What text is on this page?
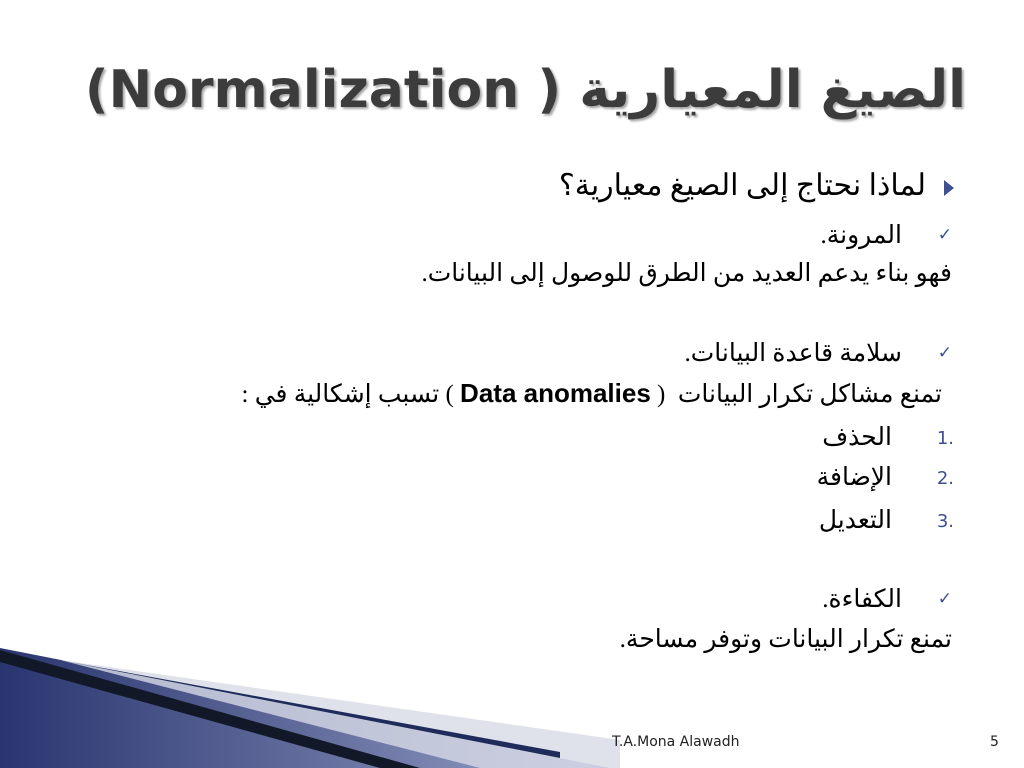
الصيغ المعيارية ( Normalization)
لماذا نحتاج إلى الصيغ معيارية؟
✓
المرونة.
فهو بناء يدعم العديد من الطرق للوصول إلى البيانات.
✓
سلامة قاعدة البيانات.
تمنع مشاكل تكرار البيانات  ( Data anomalies ) تسبب إشكالية في :
1.
الحذف
2.
الإضافة
3.
التعديل
✓
الكفاءة.
تمنع تكرار البيانات وتوفر مساحة.
T.A.Mona Alawadh	5
